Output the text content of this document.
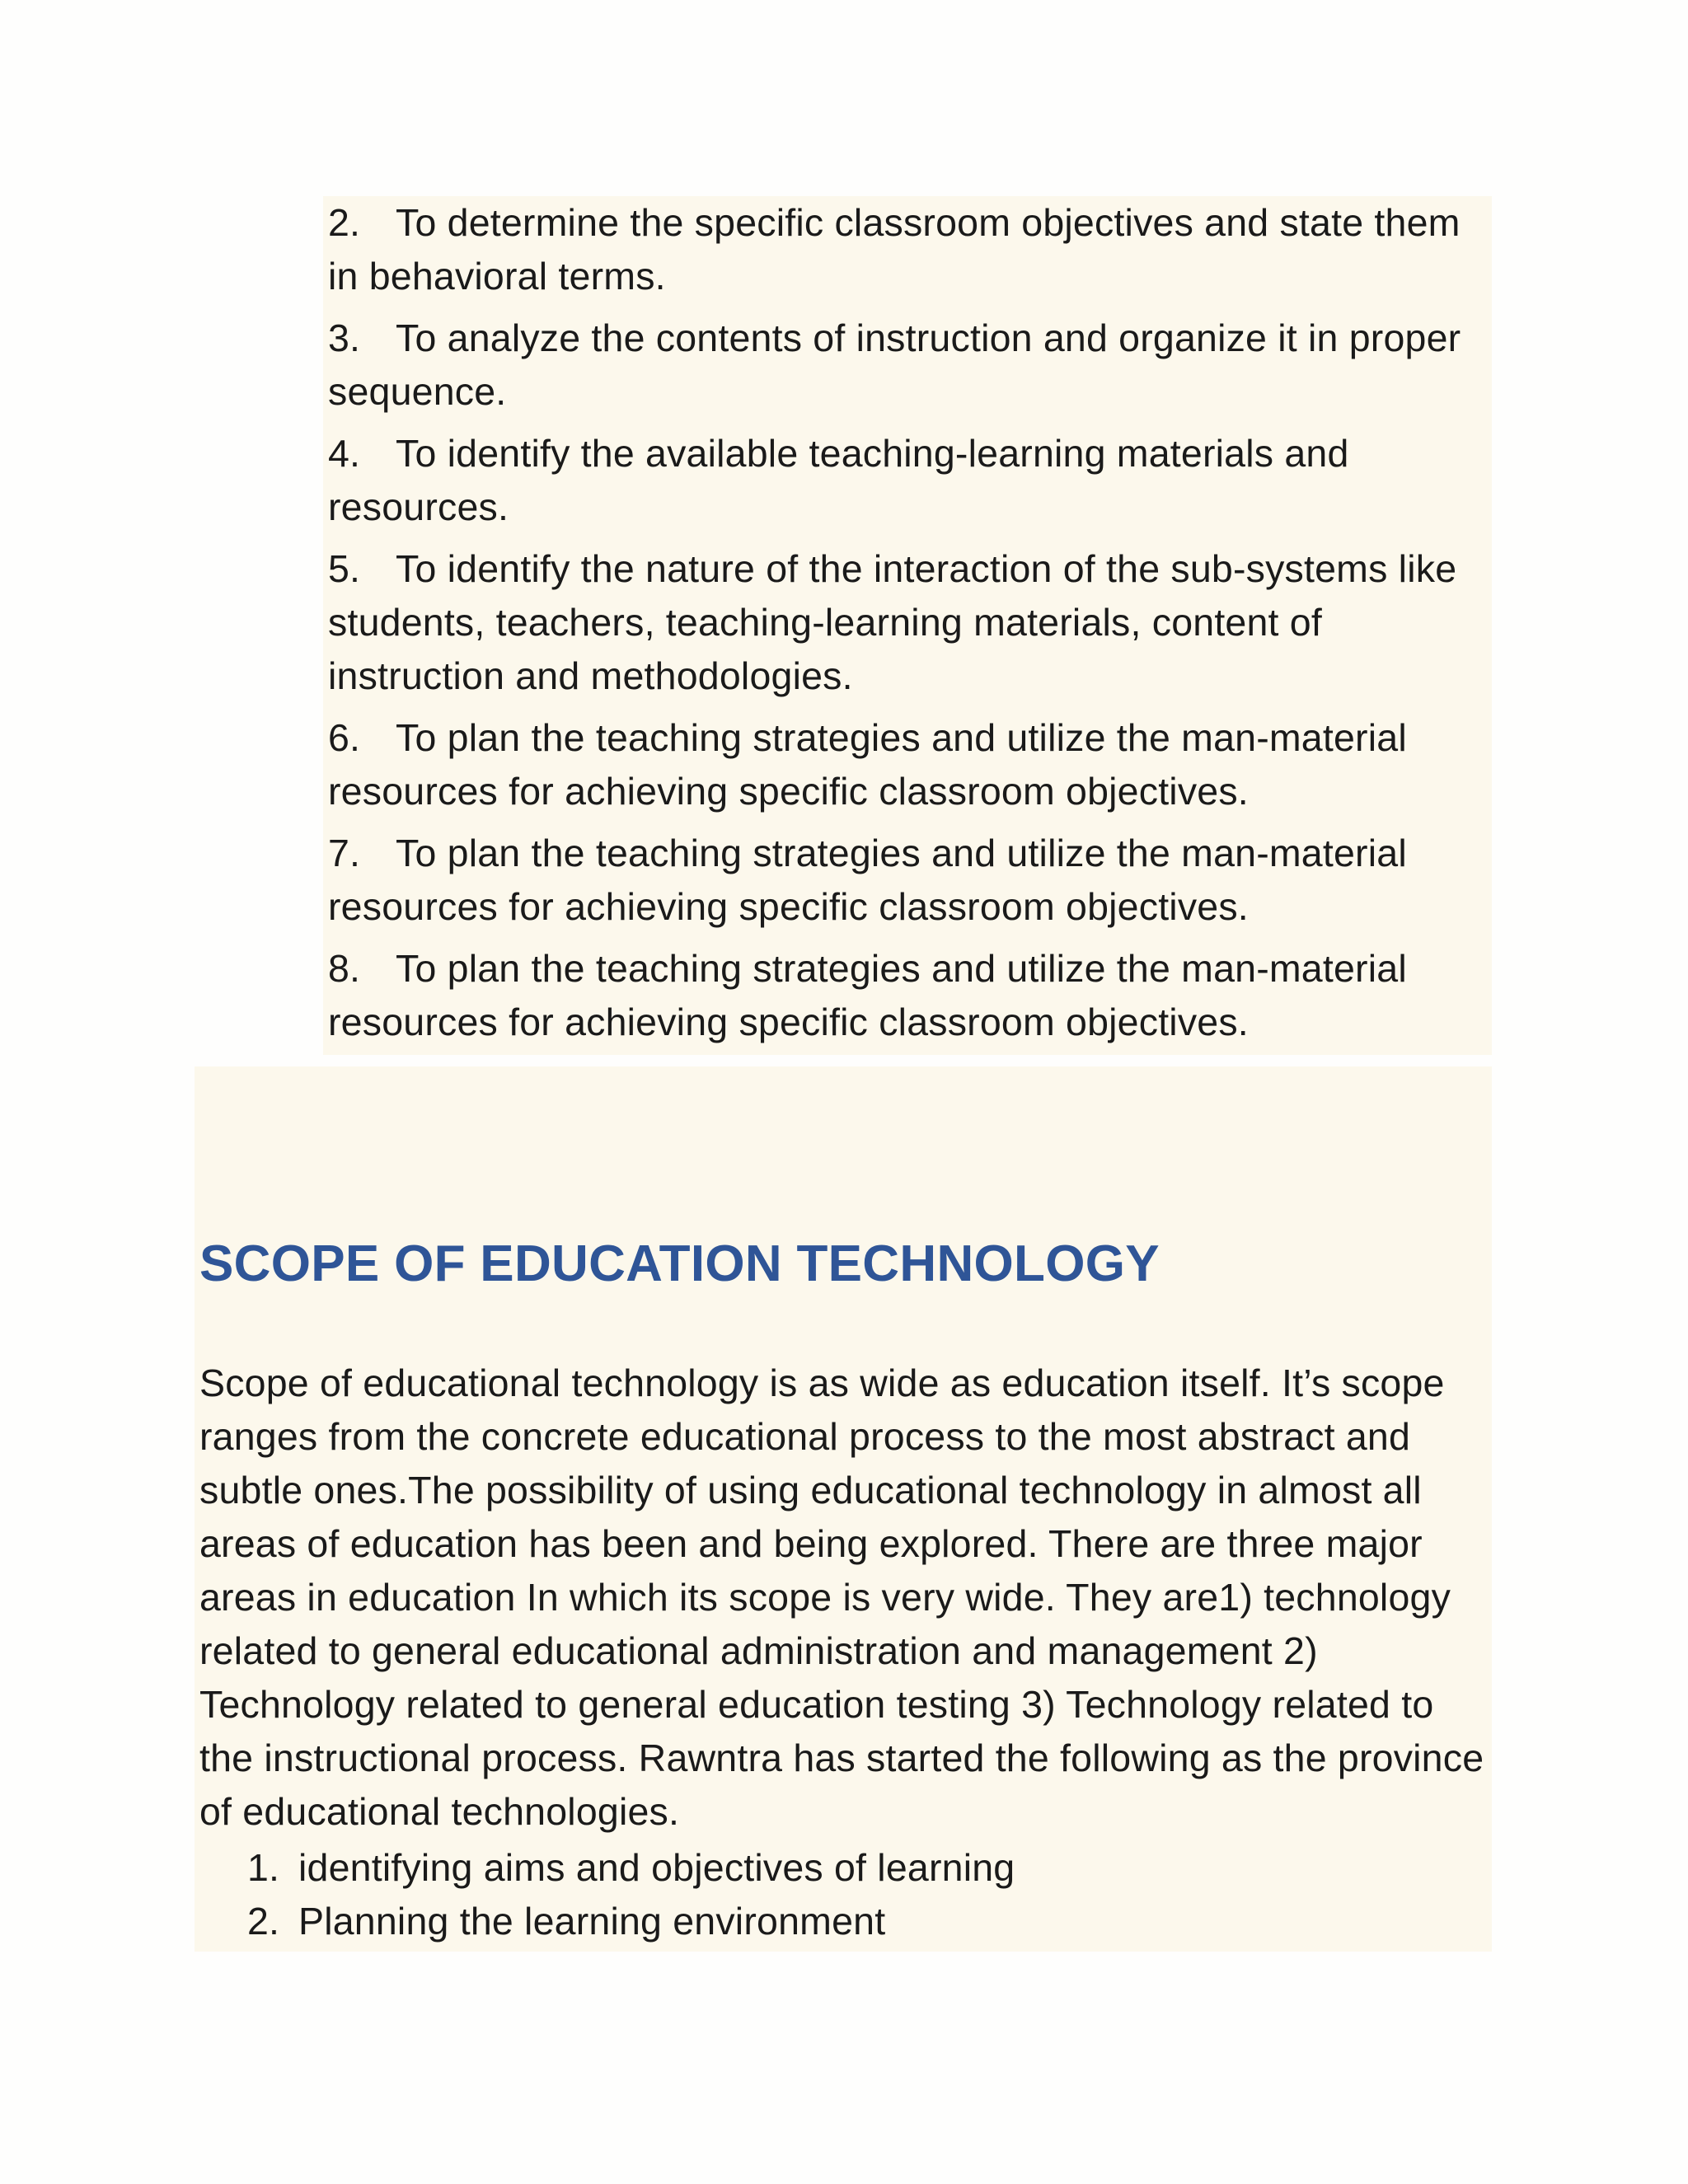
2. To determine the specific classroom objectives and state them in behavioral terms.
3. To analyze the contents of instruction and organize it in proper sequence.
4. To identify the available teaching-learning materials and resources.
5. To identify the nature of the interaction of the sub-systems like students, teachers, teaching-learning materials, content of instruction and methodologies.
6. To plan the teaching strategies and utilize the man-material resources for achieving specific classroom objectives.
7. To plan the teaching strategies and utilize the man-material resources for achieving specific classroom objectives.
8. To plan the teaching strategies and utilize the man-material resources for achieving specific classroom objectives.
SCOPE OF EDUCATION TECHNOLOGY
Scope of educational technology is as wide as education itself. It’s scope ranges from the concrete educational process to the most abstract and subtle ones.The possibility of using educational technology in almost all areas of education has been and being explored. There are three major areas in education In which its scope is very wide. They are1) technology related to general educational administration and management 2) Technology related to general education testing 3) Technology related to the instructional process. Rawntra has started the following as the province of educational technologies.
1. identifying aims and objectives of learning
2. Planning the learning environment
